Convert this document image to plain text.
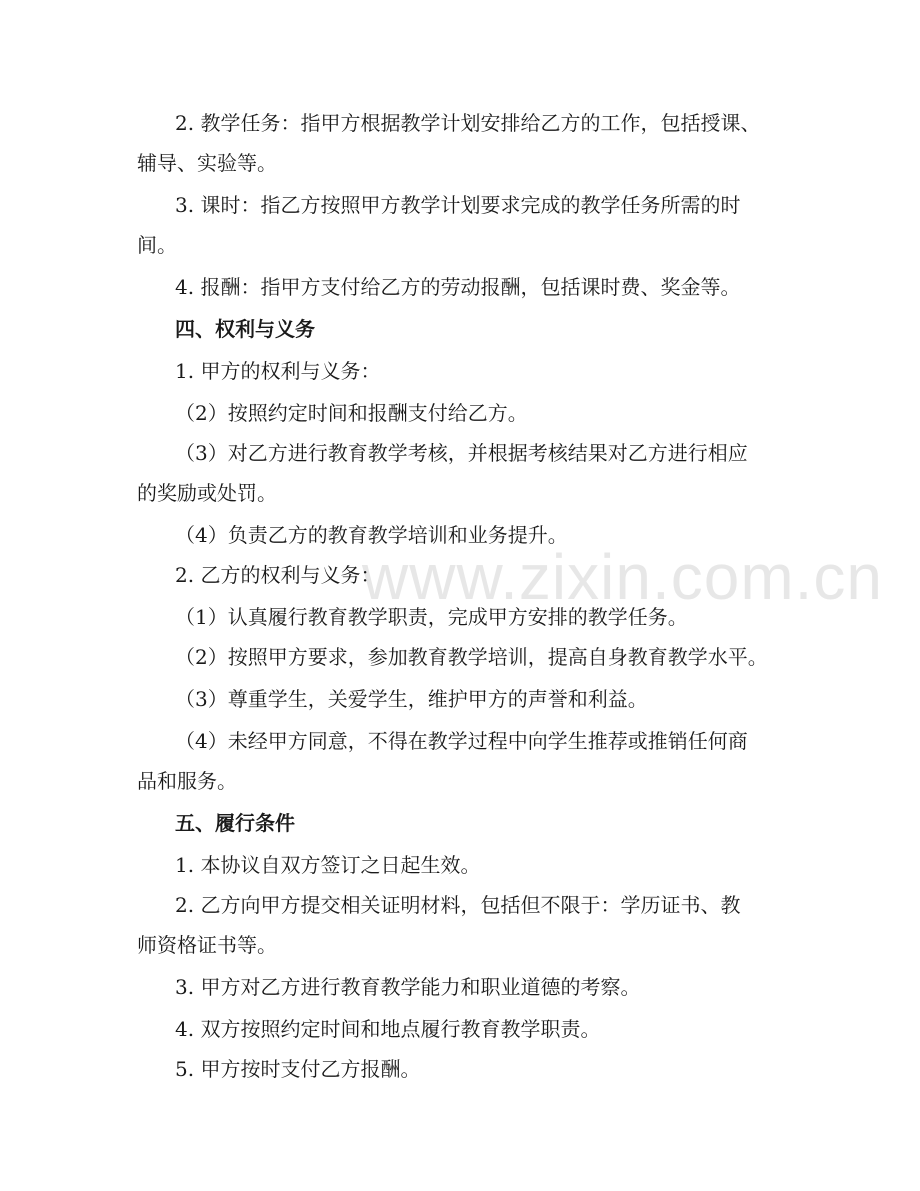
www.zixin.com.cn
2. 教学任务：指甲方根据教学计划安排给乙方的工作，包括授课、
辅导、实验等。
3. 课时：指乙方按照甲方教学计划要求完成的教学任务所需的时
间。
4. 报酬：指甲方支付给乙方的劳动报酬，包括课时费、奖金等。
四、权利与义务
1. 甲方的权利与义务：
（2）按照约定时间和报酬支付给乙方。
（3）对乙方进行教育教学考核，并根据考核结果对乙方进行相应
的奖励或处罚。
（4）负责乙方的教育教学培训和业务提升。
2. 乙方的权利与义务：
（1）认真履行教育教学职责，完成甲方安排的教学任务。
（2）按照甲方要求，参加教育教学培训，提高自身教育教学水平。
（3）尊重学生，关爱学生，维护甲方的声誉和利益。
（4）未经甲方同意，不得在教学过程中向学生推荐或推销任何商
品和服务。
五、履行条件
1. 本协议自双方签订之日起生效。
2. 乙方向甲方提交相关证明材料，包括但不限于：学历证书、教
师资格证书等。
3. 甲方对乙方进行教育教学能力和职业道德的考察。
4. 双方按照约定时间和地点履行教育教学职责。
5. 甲方按时支付乙方报酬。
